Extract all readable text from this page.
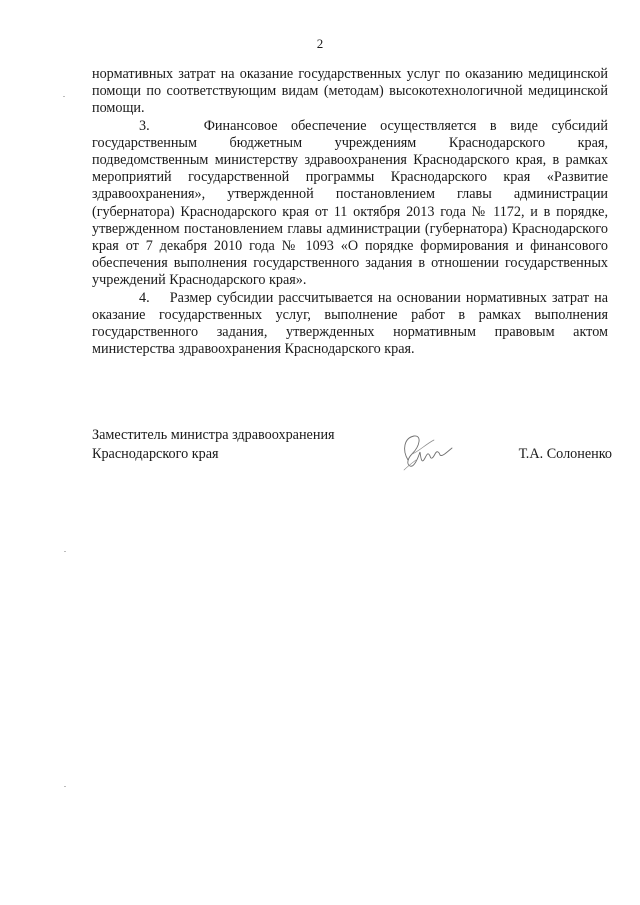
2

нормативных затрат на оказание государственных услуг по оказанию медицинской помощи по соответствующим видам (методам) высокотехнологичной медицинской помощи.

3.    Финансовое обеспечение осуществляется в виде субсидий государственным бюджетным учреждениям Краснодарского края, подведомственным министерству здравоохранения Краснодарского края, в рамках мероприятий государственной программы Краснодарского края «Развитие здравоохранения», утвержденной постановлением главы администрации (губернатора) Краснодарского края от 11 октября 2013 года № 1172, и в порядке, утвержденном постановлением главы администрации (губернатора) Краснодарского края от 7 декабря 2010 года № 1093 «О порядке формирования и финансового обеспечения выполнения государственного задания в отношении государственных учреждений Краснодарского края».

4.    Размер субсидии рассчитывается на основании нормативных затрат на оказание государственных услуг, выполнение работ в рамках выполнения государственного задания, утвержденных нормативным правовым актом министерства здравоохранения Краснодарского края.

Заместитель министра здравоохранения
Краснодарского края	Т.А. Солоненко
